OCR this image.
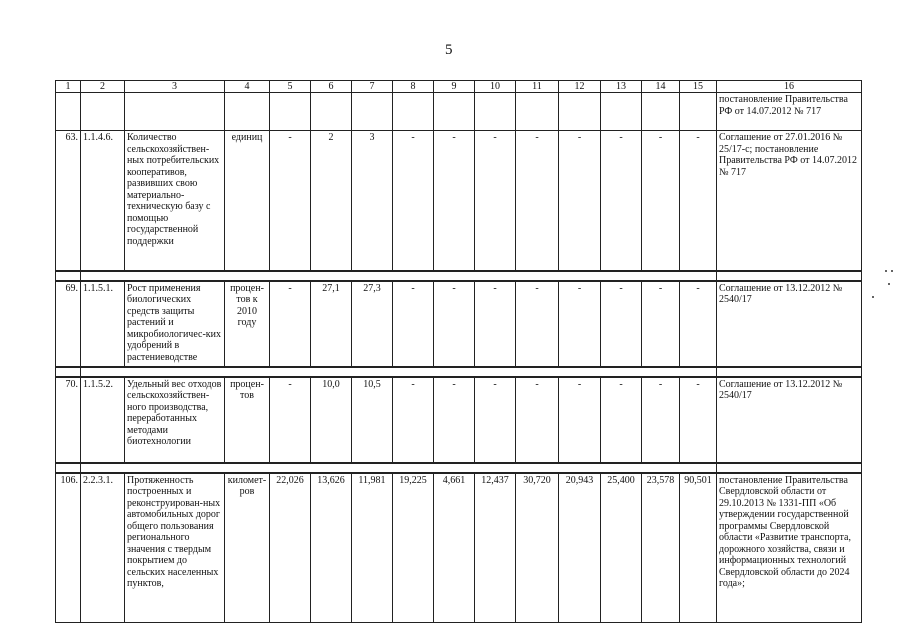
5
1	2	3	4	5	6	7	8	9	10	11	12	13	14	15	16
															постановление Правительства РФ от 14.07.2012 № 717
63.	1.1.4.6.	Количество сельскохозяйствен-ных потребительских кооперативов, развивших свою материально-техническую базу с помощью государственной поддержки	единиц	-	2	3	-	-	-	-	-	-	-	-	Соглашение от 27.01.2016 № 25/17-с; постановление Правительства РФ от 14.07.2012 № 717

69.	1.1.5.1.	Рост применения биологических средств защиты растений и микробиологичес-ких удобрений в растениеводстве	процен-тов к 2010 году	-	27,1	27,3	-	-	-	-	-	-	-	-	Соглашение от 13.12.2012 № 2540/17

70.	1.1.5.2.	Удельный вес отходов сельскохозяйствен-ного производства, переработанных методами биотехнологии	процен-тов	-	10,0	10,5	-	-	-	-	-	-	-	-	Соглашение от 13.12.2012 № 2540/17

106.	2.2.3.1.	Протяженность построенных и реконструирован-ных автомобильных дорог общего пользования регионального значения с твердым покрытием до сельских населенных пунктов,	километ-ров	22,026	13,626	11,981	19,225	4,661	12,437	30,720	20,943	25,400	23,578	90,501	постановление Правительства Свердловской области от 29.10.2013 № 1331-ПП «Об утверждении государственной программы Свердловской области «Развитие транспорта, дорожного хозяйства, связи и информационных технологий Свердловской области до 2024 года»;
